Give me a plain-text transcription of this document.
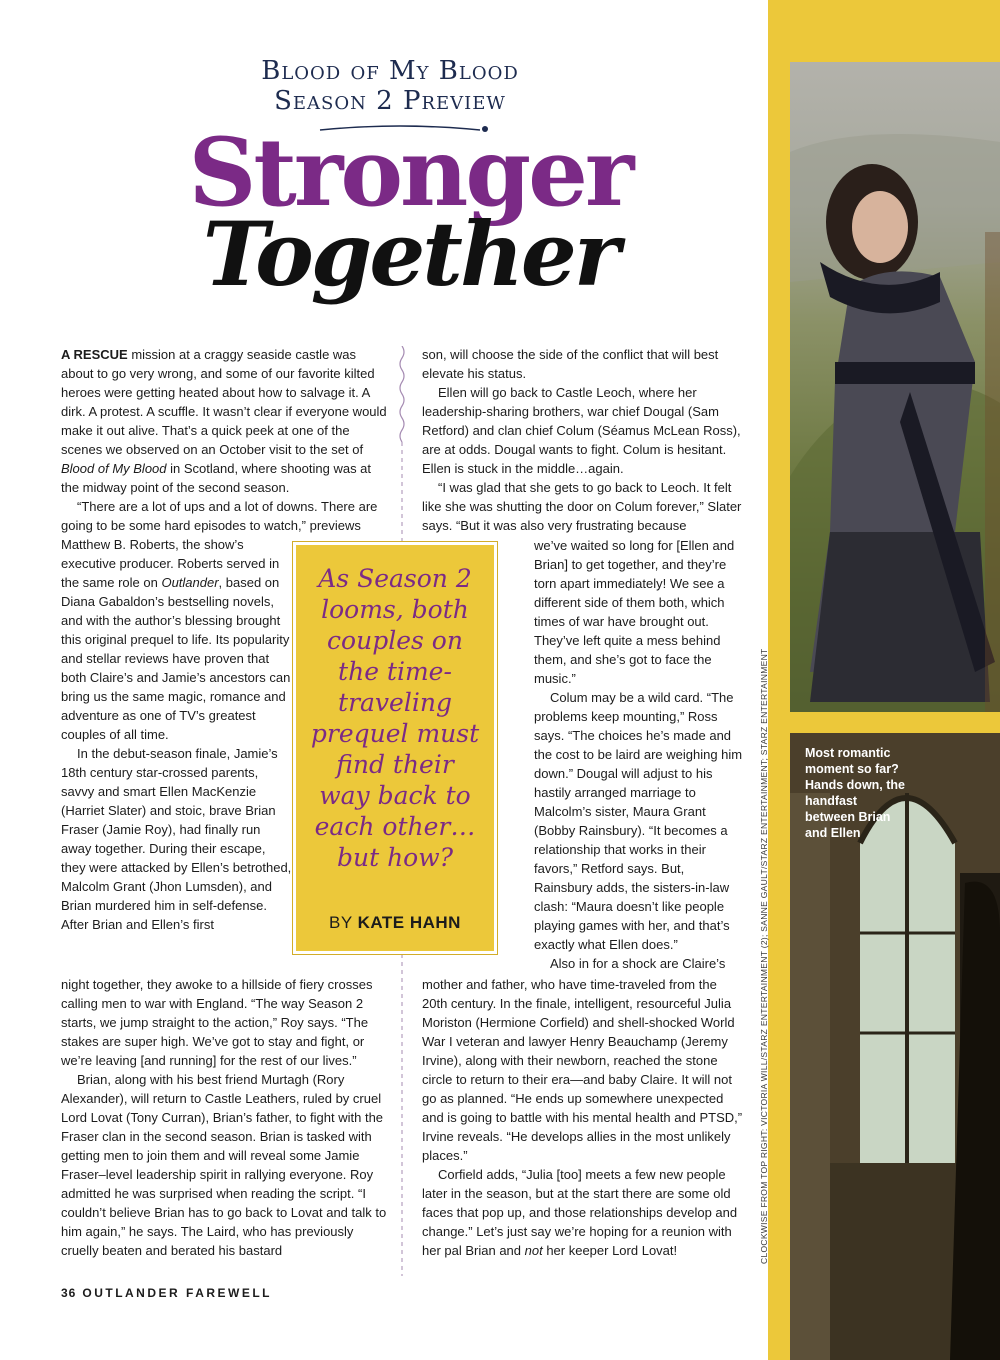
Blood of My Blood
Season 2 Preview
Stronger
Together

A RESCUE mission at a craggy seaside castle was about to go very wrong, and some of our favorite kilted heroes were getting heated about how to salvage it. A dirk. A protest. A scuffle. It wasn’t clear if everyone would make it out alive. That’s a quick peek at one of the scenes we observed on an October visit to the set of Blood of My Blood in Scotland, where shooting was at the midway point of the second season.

“There are a lot of ups and a lot of downs. There are going to be some hard episodes to watch,” previews

Matthew B. Roberts, the show’s executive producer. Roberts served in the same role on Outlander, based on Diana Gabaldon’s bestselling novels, and with the author’s blessing brought this original prequel to life. Its popularity and stellar reviews have proven that both Claire’s and Jamie’s ancestors can bring us the same magic, romance and adventure as one of TV’s greatest couples of all time.

In the debut-season finale, Jamie’s 18th century star-crossed parents, savvy and smart Ellen MacKenzie (Harriet Slater) and stoic, brave Brian Fraser (Jamie Roy), had finally run away together. During their escape, they were attacked by Ellen’s betrothed, Malcolm Grant (Jhon Lumsden), and Brian murdered him in self-defense. After Brian and Ellen’s first

night together, they awoke to a hillside of fiery crosses calling men to war with England. “The way Season 2 starts, we jump straight to the action,” Roy says. “The stakes are super high. We’ve got to stay and fight, or we’re leaving [and running] for the rest of our lives.”

Brian, along with his best friend Murtagh (Rory Alexander), will return to Castle Leathers, ruled by cruel Lord Lovat (Tony Curran), Brian’s father, to fight with the Fraser clan in the second season. Brian is tasked with getting men to join them and will reveal some Jamie Fraser–level leadership spirit in rallying everyone. Roy admitted he was surprised when reading the script. “I couldn’t believe Brian has to go back to Lovat and talk to him again,” he says. The Laird, who has previously cruelly beaten and berated his bastard

son, will choose the side of the conflict that will best elevate his status.

Ellen will go back to Castle Leoch, where her leadership-sharing brothers, war chief Dougal (Sam Retford) and clan chief Colum (Séamus McLean Ross), are at odds. Dougal wants to fight. Colum is hesitant. Ellen is stuck in the middle…again.

“I was glad that she gets to go back to Leoch. It felt like she was shutting the door on Colum forever,” Slater says. “But it was also very frustrating because

we’ve waited so long for [Ellen and Brian] to get together, and they’re torn apart immediately! We see a different side of them both, which times of war have brought out. They’ve left quite a mess behind them, and she’s got to face the music.”

Colum may be a wild card. “The problems keep mounting,” Ross says. “The choices he’s made and the cost to be laird are weighing him down.” Dougal will adjust to his hastily arranged marriage to Malcolm’s sister, Maura Grant (Bobby Rainsbury). “It becomes a relationship that works in their favors,” Retford says. But, Rainsbury adds, the sisters-in-law clash: “Maura doesn’t like people playing games with her, and that’s exactly what Ellen does.”

Also in for a shock are Claire’s

mother and father, who have time-traveled from the 20th century. In the finale, intelligent, resourceful Julia Moriston (Hermione Corfield) and shell-shocked World War I veteran and lawyer Henry Beauchamp (Jeremy Irvine), along with their newborn, reached the stone circle to return to their era—and baby Claire. It will not go as planned. “He ends up somewhere unexpected and is going to battle with his mental health and PTSD,” Irvine reveals. “He develops allies in the most unlikely places.”

Corfield adds, “Julia [too] meets a few new people later in the season, but at the start there are some old faces that pop up, and those relationships develop and change.” Let’s just say we’re hoping for a reunion with her pal Brian and not her keeper Lord Lovat!

As Season 2 looms, both couples on the time-traveling prequel must find their way back to each other…but how?
BY KATE HAHN	CLOCKWISE FROM TOP RIGHT: VICTORIA WILL/STARZ ENTERTAINMENT (2); SANNE GAULT/STARZ ENTERTAINMENT; STARZ ENTERTAINMENT	Most romantic moment so far? Hands down, the handfast between Brian and Ellen
36 OUTLANDER FAREWELL
